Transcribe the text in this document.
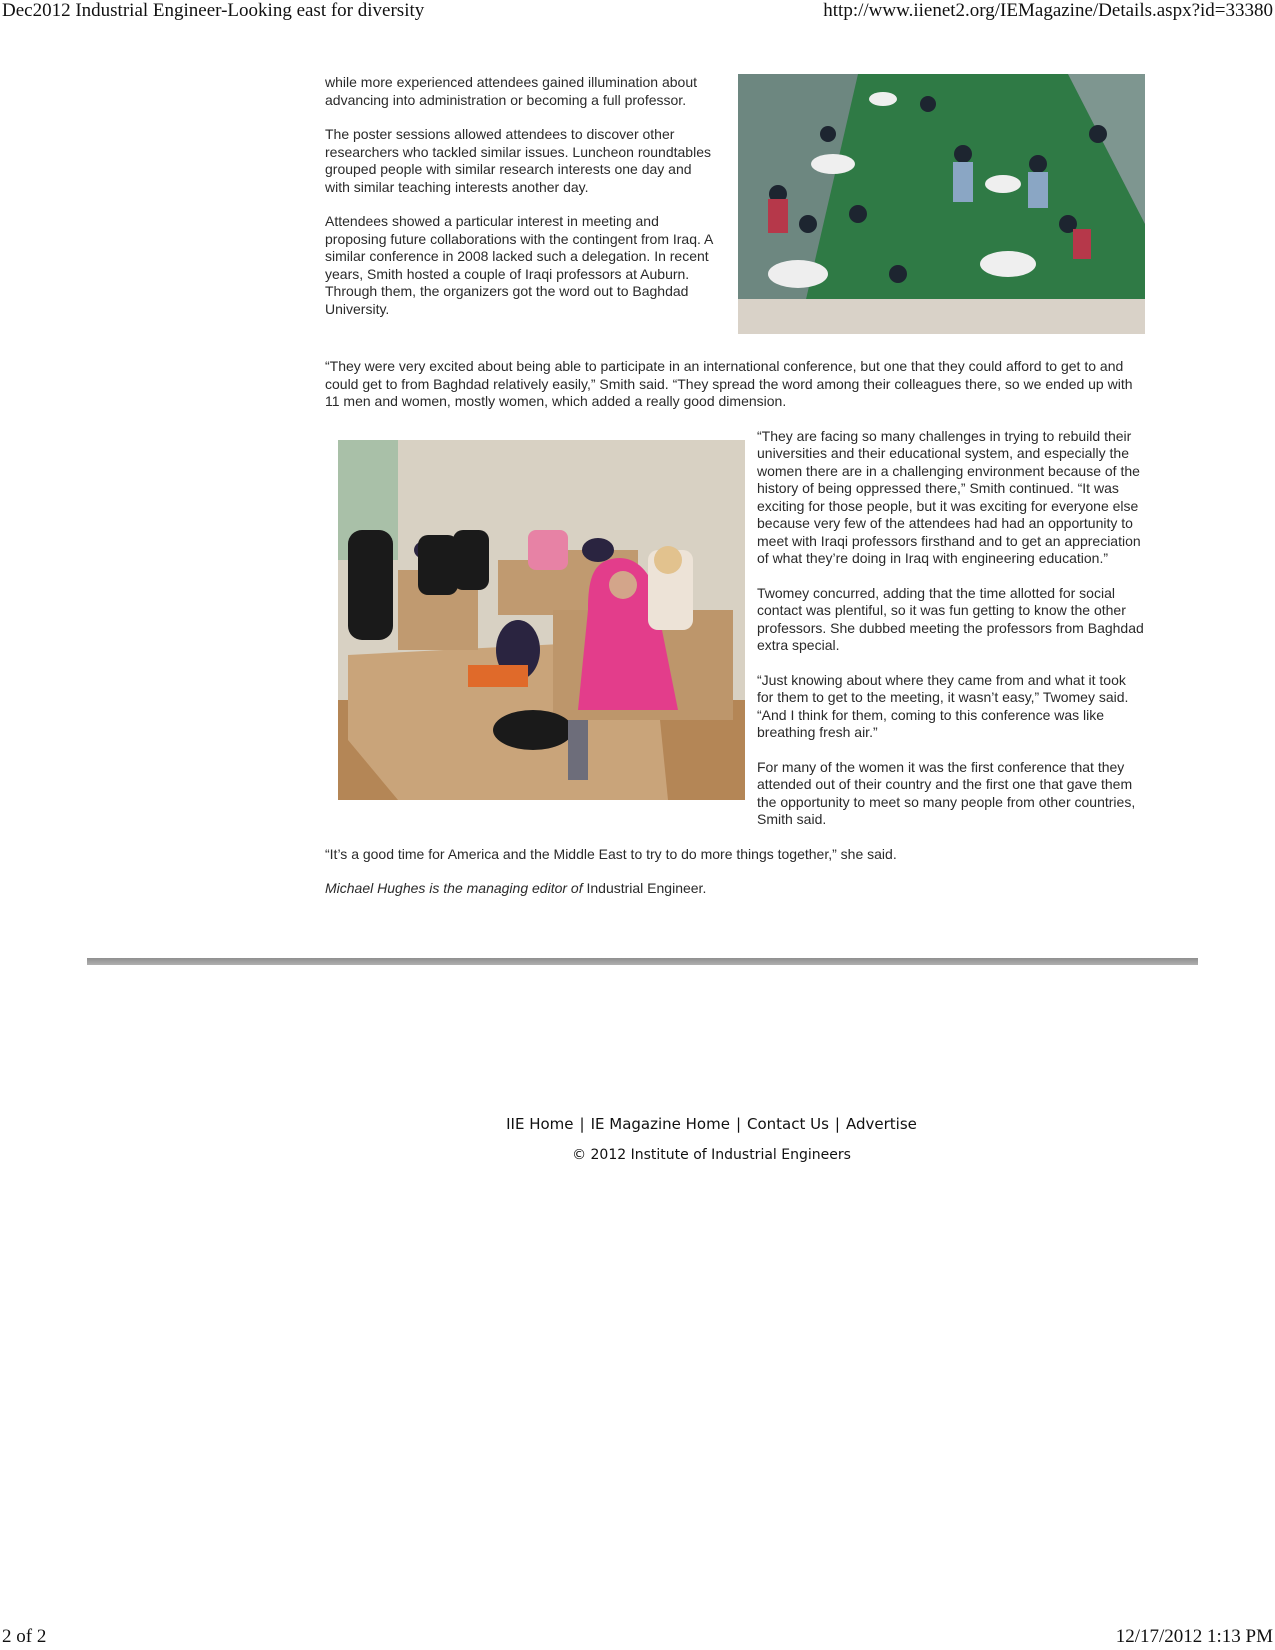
Dec2012 Industrial Engineer-Looking east for diversity	http://www.iienet2.org/IEMagazine/Details.aspx?id=33380

while more experienced attendees gained illumination about advancing into administration or becoming a full professor.

The poster sessions allowed attendees to discover other researchers who tackled similar issues. Luncheon roundtables grouped people with similar research interests one day and with similar teaching interests another day.

Attendees showed a particular interest in meeting and proposing future collaborations with the contingent from Iraq. A similar conference in 2008 lacked such a delegation. In recent years, Smith hosted a couple of Iraqi professors at Auburn. Through them, the organizers got the word out to Baghdad University.

“They were very excited about being able to participate in an international conference, but one that they could afford to get to and could get to from Baghdad relatively easily,” Smith said. “They spread the word among their colleagues there, so we ended up with 11 men and women, mostly women, which added a really good dimension.

“They are facing so many challenges in trying to rebuild their universities and their educational system, and especially the women there are in a challenging environment because of the history of being oppressed there,” Smith continued. “It was exciting for those people, but it was exciting for everyone else because very few of the attendees had had an opportunity to meet with Iraqi professors firsthand and to get an appreciation of what they’re doing in Iraq with engineering education.”

Twomey concurred, adding that the time allotted for social contact was plentiful, so it was fun getting to know the other professors. She dubbed meeting the professors from Baghdad extra special.

“Just knowing about where they came from and what it took for them to get to the meeting, it wasn’t easy,” Twomey said. “And I think for them, coming to this conference was like breathing fresh air.”

For many of the women it was the first conference that they attended out of their country and the first one that gave them the opportunity to meet so many people from other countries, Smith said.

“It’s a good time for America and the Middle East to try to do more things together,” she said.

Michael Hughes is the managing editor of Industrial Engineer.

IIE Home | IE Magazine Home | Contact Us | Advertise
© 2012 Institute of Industrial Engineers
2 of 2	12/17/2012 1:13 PM
